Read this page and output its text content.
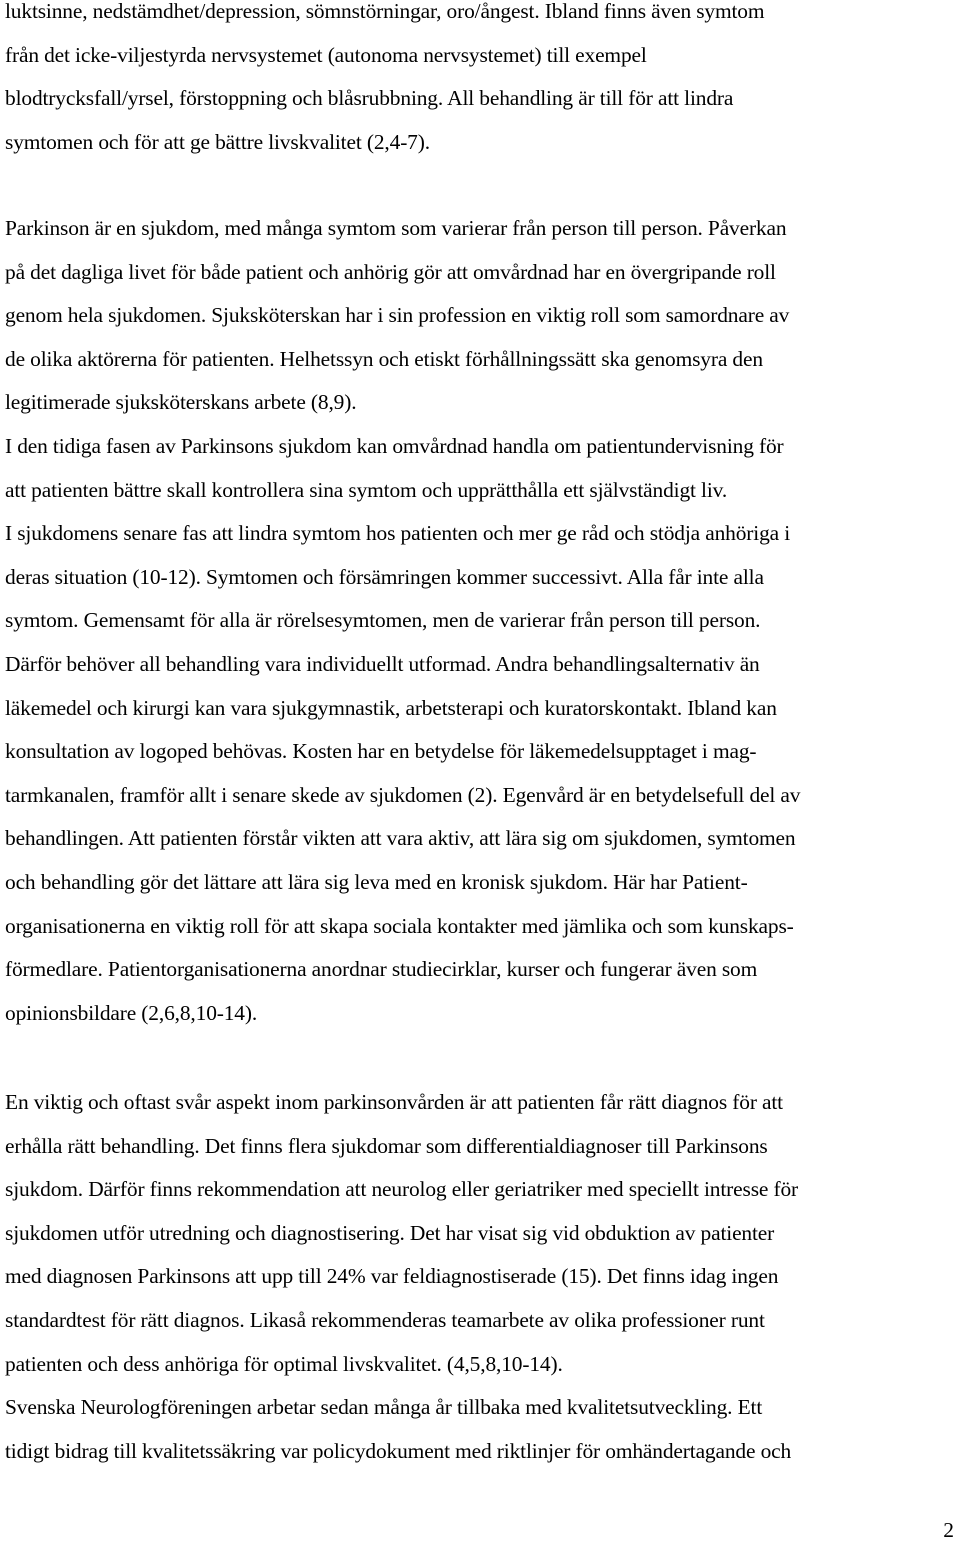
luktsinne, nedstämdhet/depression, sömnstörningar, oro/ångest. Ibland finns även symtom
från det icke-viljestyrda nervsystemet (autonoma nervsystemet) till exempel
blodtrycksfall/yrsel, förstoppning och blåsrubbning. All behandling är till för att lindra
symtomen och för att ge bättre livskvalitet (2,4-7).
Parkinson är en sjukdom, med många symtom som varierar från person till person. Påverkan
på det dagliga livet för både patient och anhörig gör att omvårdnad har en övergripande roll
genom hela sjukdomen. Sjuksköterskan har i sin profession en viktig roll som samordnare av
de olika aktörerna för patienten. Helhetssyn och etiskt förhållningssätt ska genomsyra den
legitimerade sjuksköterskans arbete (8,9).
I den tidiga fasen av Parkinsons sjukdom kan omvårdnad handla om patientundervisning för
att patienten bättre skall kontrollera sina symtom och upprätthålla ett självständigt liv.
I sjukdomens senare fas att lindra symtom hos patienten och mer ge råd och stödja anhöriga i
deras situation (10-12). Symtomen och försämringen kommer successivt. Alla får inte alla
symtom. Gemensamt för alla är rörelsesymtomen, men de varierar från person till person.
Därför behöver all behandling vara individuellt utformad. Andra behandlingsalternativ än
läkemedel och kirurgi kan vara sjukgymnastik, arbetsterapi och kuratorskontakt. Ibland kan
konsultation av logoped behövas. Kosten har en betydelse för läkemedelsupptaget i mag-
tarmkanalen, framför allt i senare skede av sjukdomen (2). Egenvård är en betydelsefull del av
behandlingen. Att patienten förstår vikten att vara aktiv, att lära sig om sjukdomen, symtomen
och behandling gör det lättare att lära sig leva med en kronisk sjukdom. Här har Patient-
organisationerna en viktig roll för att skapa sociala kontakter med jämlika och som kunskaps-
förmedlare. Patientorganisationerna anordnar studiecirklar, kurser och fungerar även som
opinionsbildare (2,6,8,10-14).
En viktig och oftast svår aspekt inom parkinsonvården är att patienten får rätt diagnos för att
erhålla rätt behandling. Det finns flera sjukdomar som differentialdiagnoser till Parkinsons
sjukdom. Därför finns rekommendation att neurolog eller geriatriker med speciellt intresse för
sjukdomen utför utredning och diagnostisering. Det har visat sig vid obduktion av patienter
med diagnosen Parkinsons att upp till 24% var feldiagnostiserade (15). Det finns idag ingen
standardtest för rätt diagnos. Likaså rekommenderas teamarbete av olika professioner runt
patienten och dess anhöriga för optimal livskvalitet. (4,5,8,10-14).
Svenska Neurologföreningen arbetar sedan många år tillbaka med kvalitetsutveckling. Ett
tidigt bidrag till kvalitetssäkring var policydokument med riktlinjer för omhändertagande och
2
